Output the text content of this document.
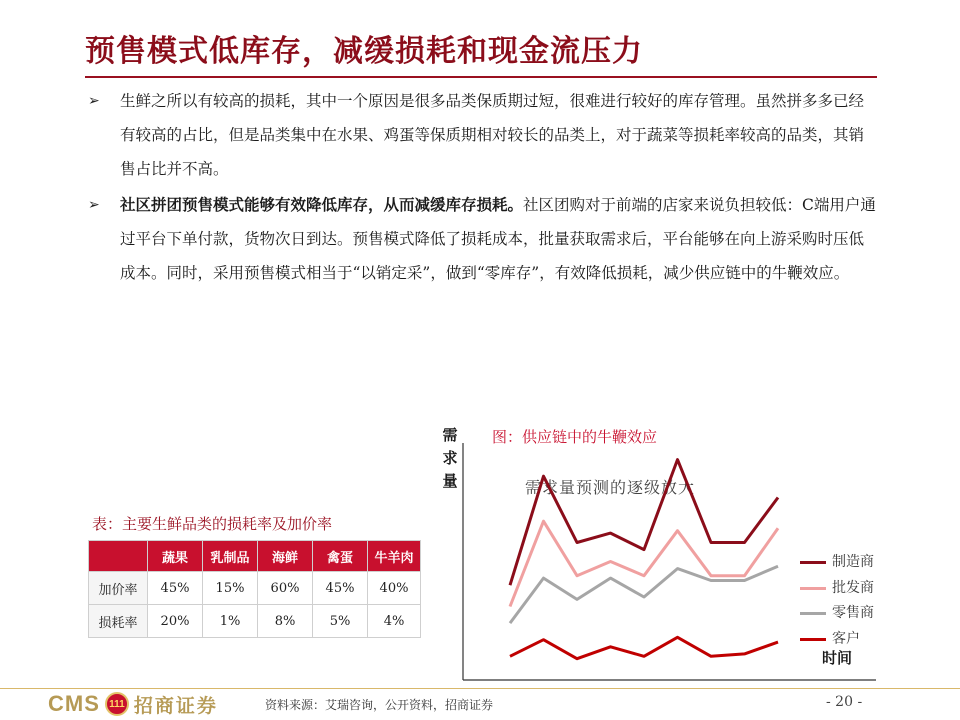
预售模式低库存，减缓损耗和现金流压力
➢ 生鲜之所以有较高的损耗，其中一个原因是很多品类保质期过短，很难进行较好的库存管理。虽然拼多多已经有较高的占比，但是品类集中在水果、鸡蛋等保质期相对较长的品类上，对于蔬菜等损耗率较高的品类，其销售占比并不高。
➢ 社区拼团预售模式能够有效降低库存，从而减缓库存损耗。社区团购对于前端的店家来说负担较低：C端用户通过平台下单付款，货物次日到达。预售模式降低了损耗成本，批量获取需求后，平台能够在向上游采购时压低成本。同时，采用预售模式相当于“以销定采”，做到“零库存”，有效降低损耗，减少供应链中的牛鞭效应。
表：主要生鲜品类的损耗率及加价率
	蔬果	乳制品	海鲜	禽蛋	牛羊肉
加价率	45%	15%	60%	45%	40%
损耗率	20%	1%	8%	5%	4%
需求量
图：供应链中的牛鞭效应
需求量预测的逐级放大
时间
制造商
批发商
零售商
客户
CMS 111 招商证券	资料来源：艾瑞咨询，公开资料，招商证券	- 20 -
